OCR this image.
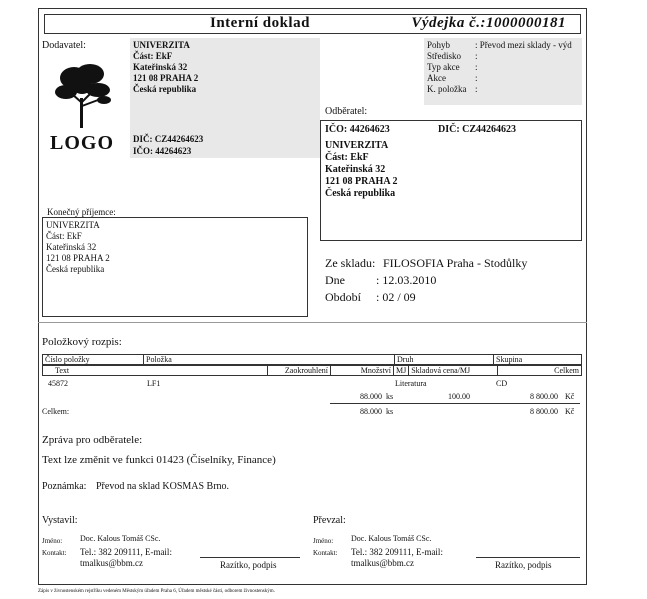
Interní doklad	Výdejka č.:1000000181
Dodavatel:	UNIVERZITA
Část: EkF
Kateřinská 32
121 08 PRAHA 2
Česká republika
DIČ: CZ44264623
IČO: 44264623
LOGO
Pohyb	: Převod mezi sklady - výd
Středisko :
Typ akce :
Akce	:
K. položka :
Odběratel:
IČO: 44264623	DIČ: CZ44264623
UNIVERZITA
Část: EkF
Kateřinská 32
121 08 PRAHA 2
Česká republika
Konečný příjemce:
UNIVERZITA
Část: EkF
Kateřinská 32
121 08 PRAHA 2
Česká republika	Ze skladu: FILOSOFIA Praha - Stodůlky
Dne	: 12.03.2010
Období : 02 / 09
Položkový rozpis:
Číslo položky	Položka	Druh	Skupina
Text	Zaokrouhlení	Množství	MJ	Skladová cena/MJ	Celkem
45872	LF1	Literatura	CD
88.000 ks	100.00	8 800.00 Kč
Celkem:	88.000 ks	8 800.00 Kč
Zpráva pro odběratele:
Text lze změnit ve funkci 01423 (Číselníky, Finance)
Poznámka: Převod na sklad KOSMAS Brno.
Vystavil:
Jméno: Doc. Kalous Tomáš CSc.
Kontakt: Tel.: 382 209111, E-mail:
tmalkus@bbm.cz	Razítko, podpis
Převzal:
Jméno: Doc. Kalous Tomáš CSc.
Kontakt: Tel.: 382 209111, E-mail:
tmalkus@bbm.cz	Razítko, podpis
Zápis v živnostenském rejstříku vedeném Městským úřadem Praha 6, Úřadem městské části, odborem živnostenským.
